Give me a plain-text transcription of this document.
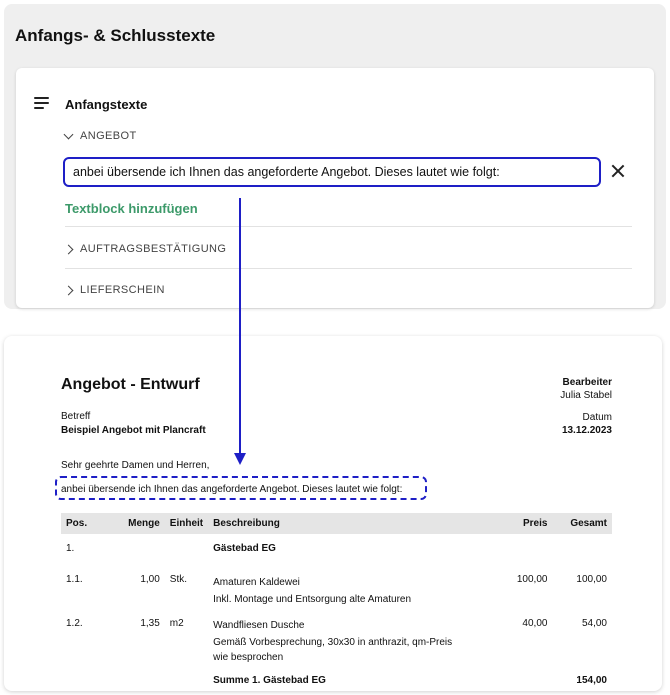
Anfangs- & Schlusstexte
Anfangstexte
ANGEBOT
anbei übersende ich Ihnen das angeforderte Angebot. Dieses lautet wie folgt:
Textblock hinzufügen
AUFTRAGSBESTÄTIGUNG
LIEFERSCHEIN
Angebot - Entwurf	Bearbeiter
Julia Stabel
Datum
13.12.2023
Betreff
Beispiel Angebot mit Plancraft
Sehr geehrte Damen und Herren,
anbei übersende ich Ihnen das angeforderte Angebot. Dieses lautet wie folgt:
Pos.	Menge	Einheit	Beschreibung	Preis	Gesamt
1.			Gästebad EG		
1.1.	1,00	Stk.	Amaturen Kaldewei
Inkl. Montage und Entsorgung alte Amaturen	100,00	100,00
1.2.	1,35	m2	Wandfliesen Dusche
Gemäß Vorbesprechung, 30x30 in anthrazit, qm-Preis wie besprochen	40,00	54,00
			Summe 1. Gästebad EG		154,00
